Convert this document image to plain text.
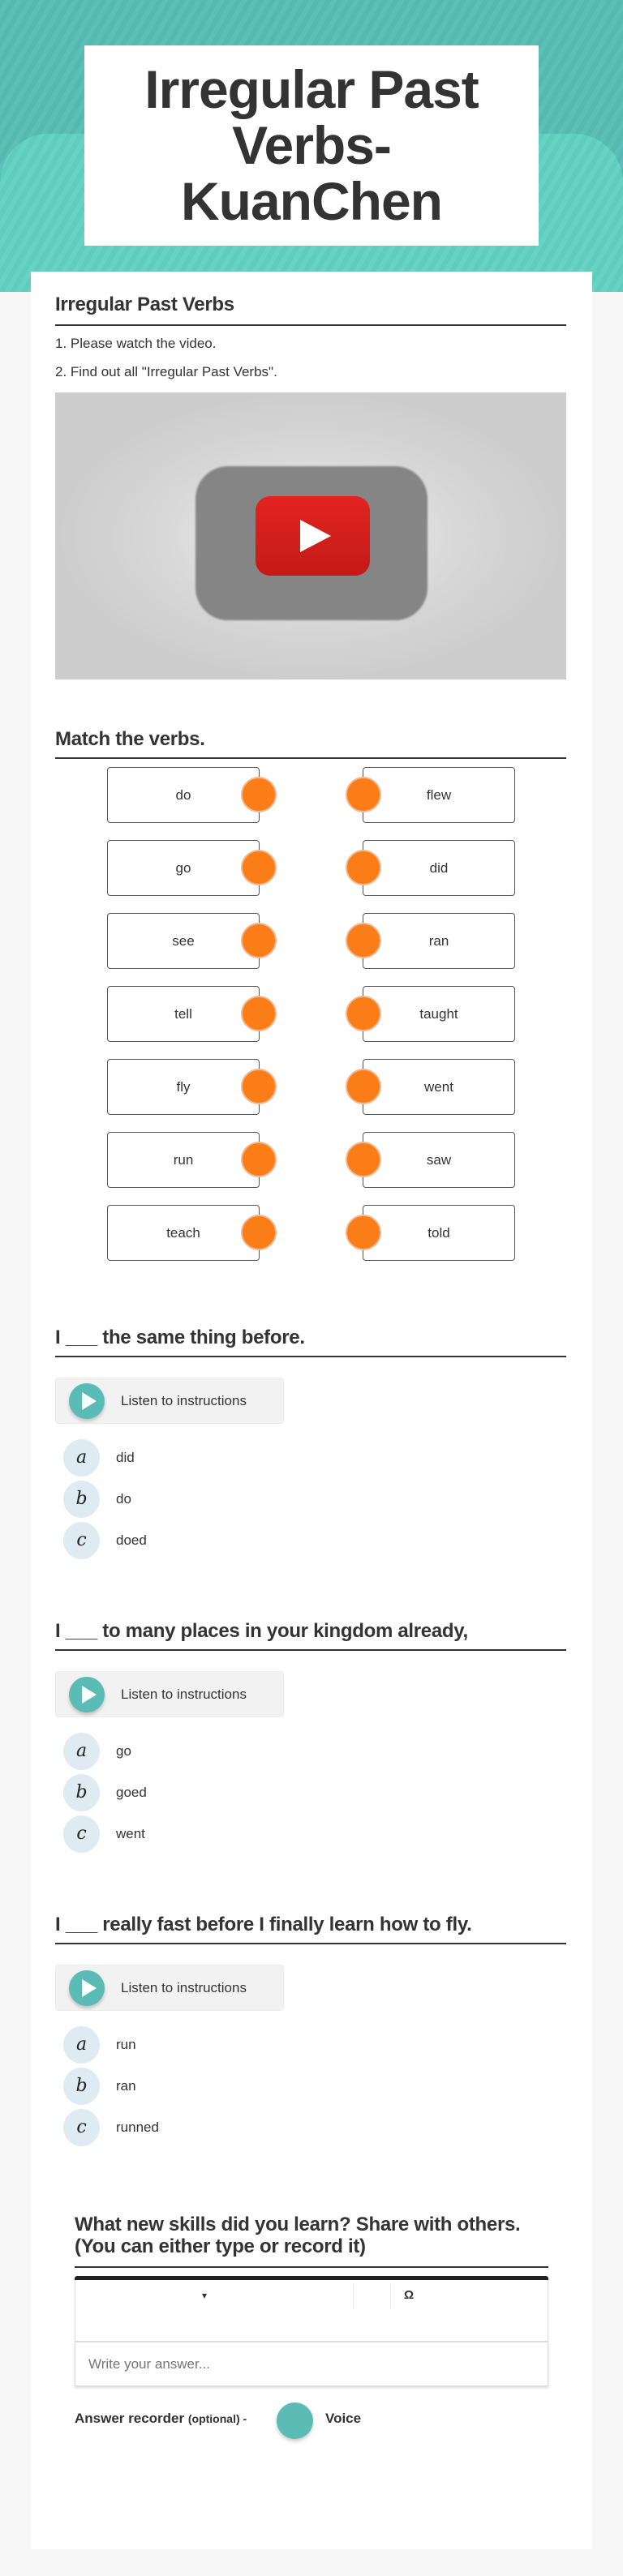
Irregular Past Verbs-KuanChen
Irregular Past Verbs
1. Please watch the video.
2. Find out all "Irregular Past Verbs".
Match the verbs.
do	flew
go	did
see	ran
tell	taught
fly	went
run	saw
teach	told
I ___ the same thing before.
Listen to instructions
a	did
b	do
c	doed
I ___ to many places in your kingdom already,
Listen to instructions
a	go
b	goed
c	went
I ___ really fast before I finally learn how to fly.
Listen to instructions
a	run
b	ran
c	runned
What new skills did you learn? Share with others. (You can either type or record it)
▾	Ω
Write your answer...
Answer recorder (optional) -	Voice
